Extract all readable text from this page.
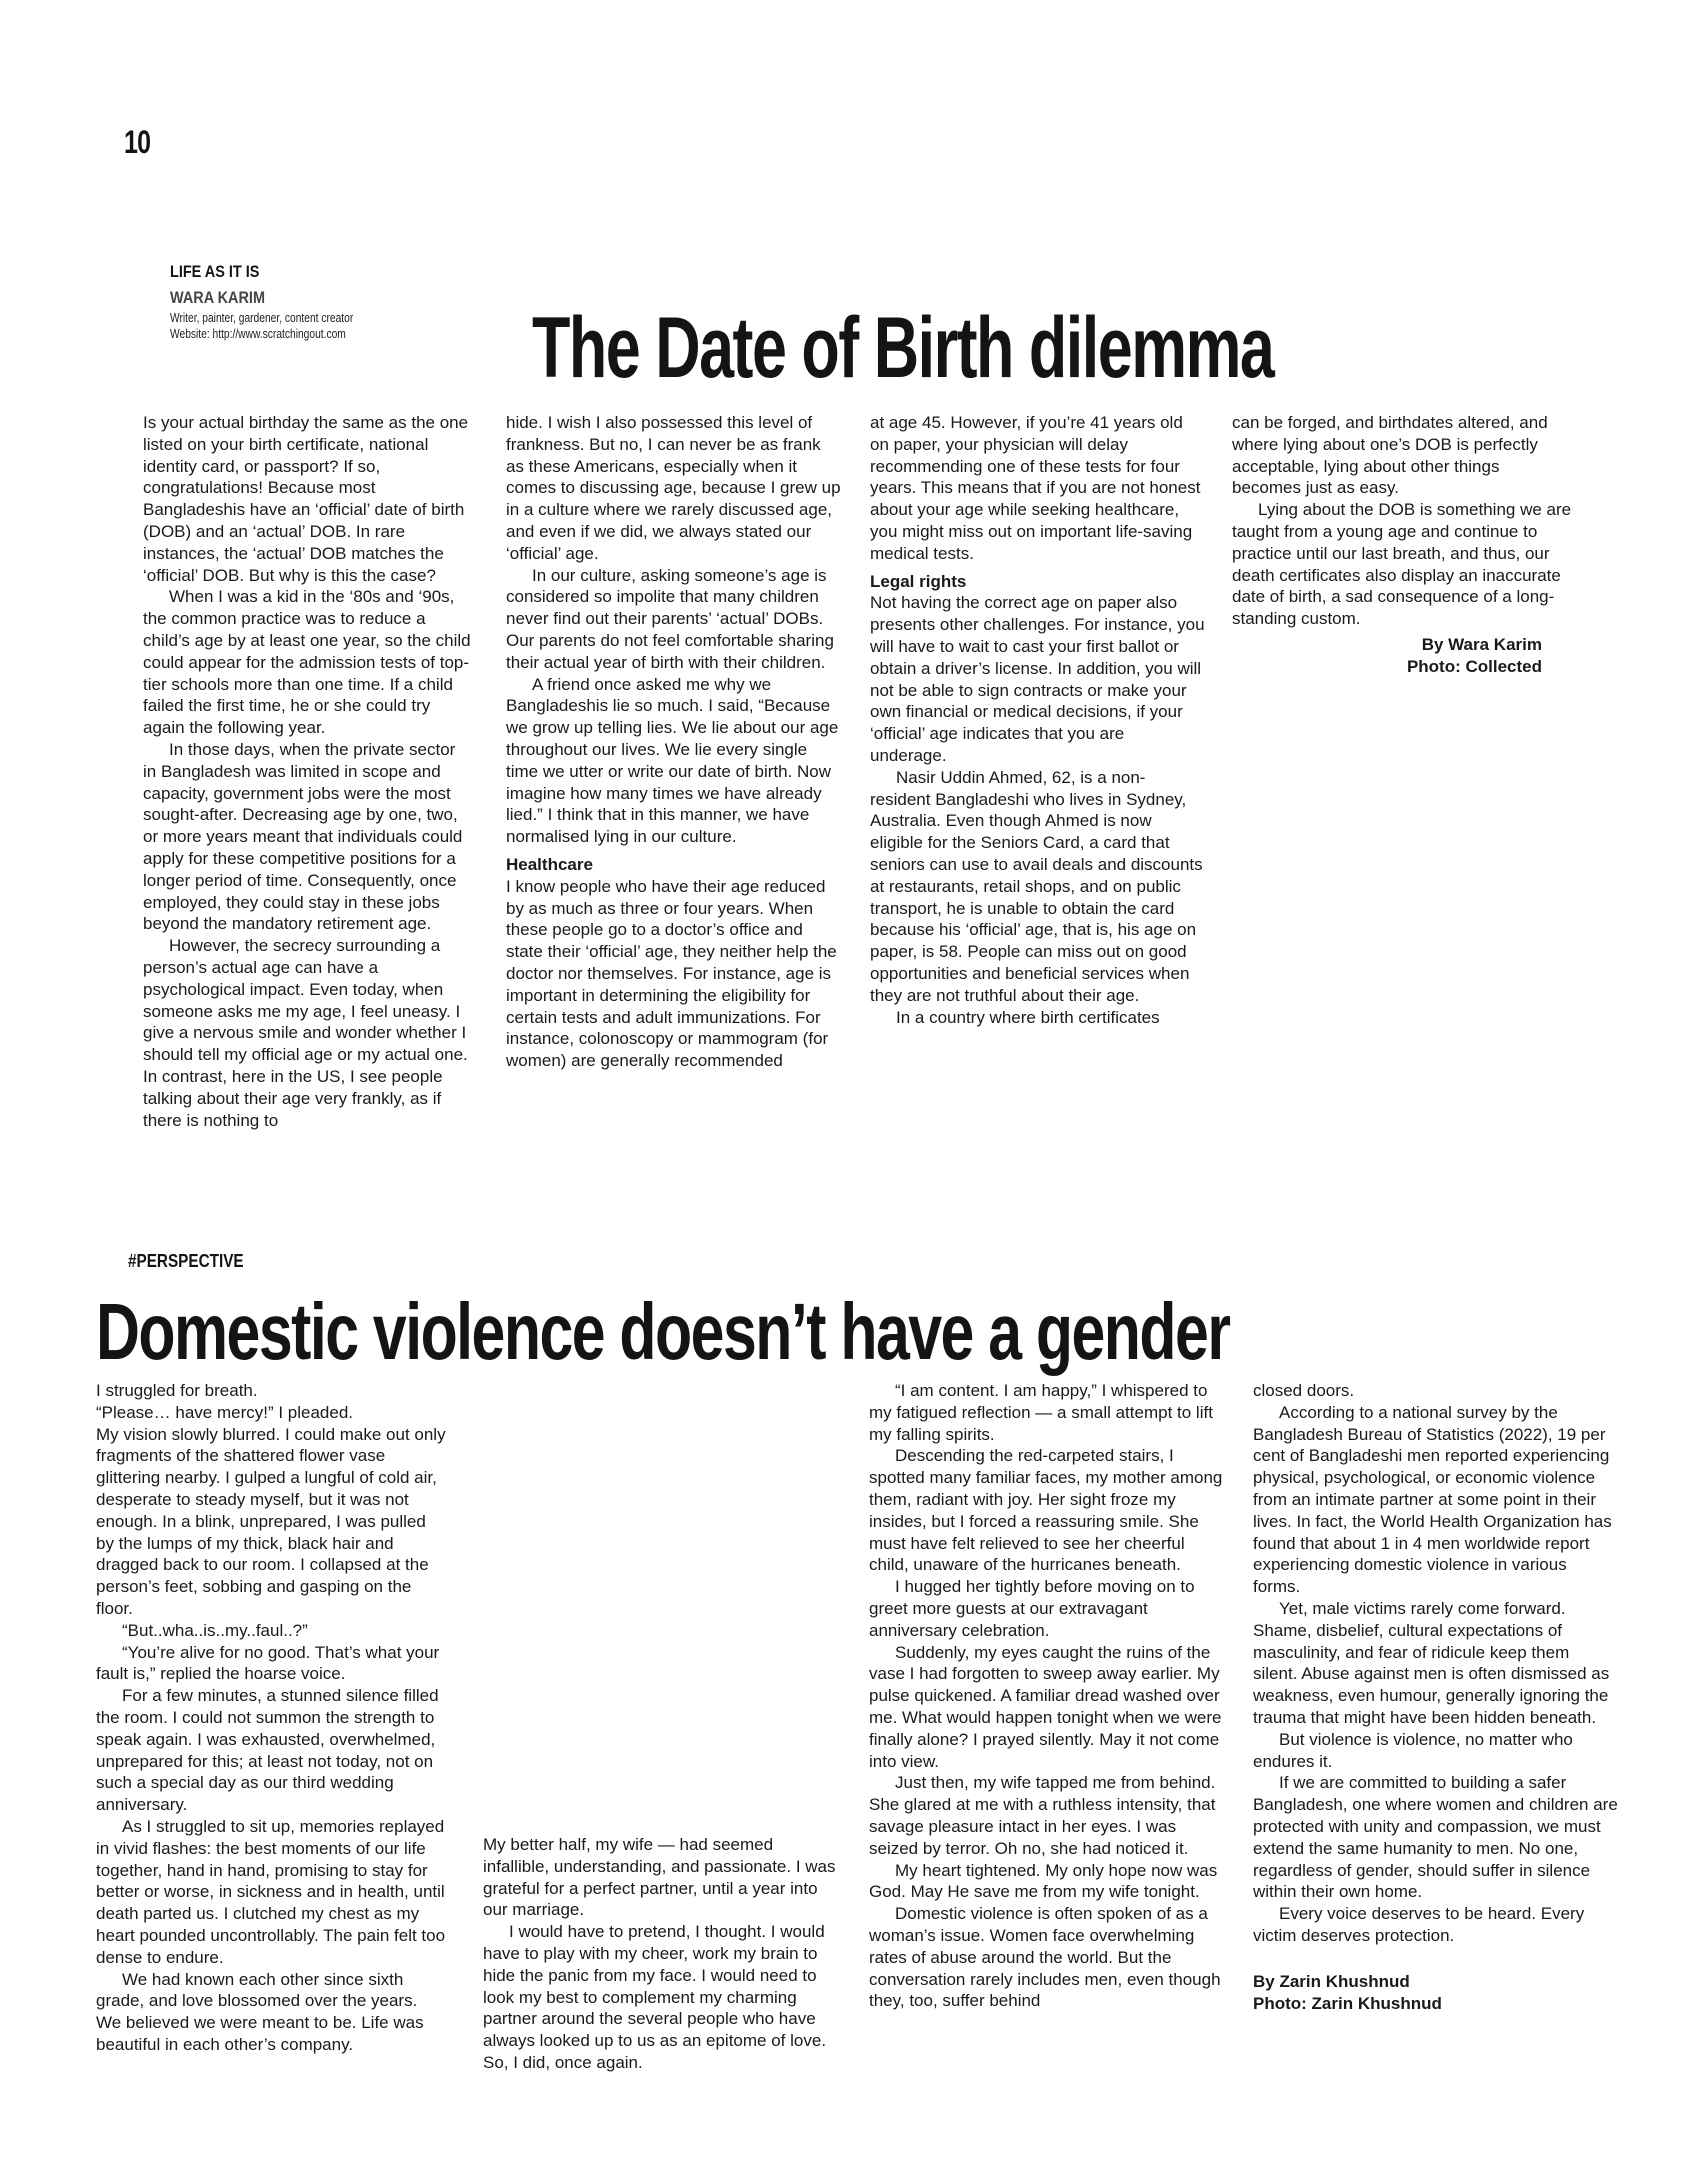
10
LIFE AS IT IS
WARA KARIM
Writer, painter, gardener, content creator
Website: http://www.scratchingout.com The Date of Birth dilemma

Is your actual birthday the same as the one listed on your birth certificate, national identity card, or passport? If so, congratulations! Because most Bangladeshis have an ‘official’ date of birth (DOB) and an ‘actual’ DOB. In rare instances, the ‘actual’ DOB matches the ‘official’ DOB. But why is this the case?

When I was a kid in the ‘80s and ‘90s, the common practice was to reduce a child’s age by at least one year, so the child could appear for the admission tests of top-tier schools more than one time. If a child failed the first time, he or she could try again the following year.

In those days, when the private sector in Bangladesh was limited in scope and capacity, government jobs were the most sought-after. Decreasing age by one, two, or more years meant that individuals could apply for these competitive positions for a longer period of time. Consequently, once employed, they could stay in these jobs beyond the mandatory retirement age.

However, the secrecy surrounding a person’s actual age can have a psychological impact. Even today, when someone asks me my age, I feel uneasy. I give a nervous smile and wonder whether I should tell my official age or my actual one. In contrast, here in the US, I see people talking about their age very frankly, as if there is nothing to

hide. I wish I also possessed this level of frankness. But no, I can never be as frank as these Americans, especially when it comes to discussing age, because I grew up in a culture where we rarely discussed age, and even if we did, we always stated our ‘official’ age.

In our culture, asking someone’s age is considered so impolite that many children never find out their parents’ ‘actual’ DOBs. Our parents do not feel comfortable sharing their actual year of birth with their children.

A friend once asked me why we Bangladeshis lie so much. I said, “Because we grow up telling lies. We lie about our age throughout our lives. We lie every single time we utter or write our date of birth. Now imagine how many times we have already lied.” I think that in this manner, we have normalised lying in our culture.

Healthcare

I know people who have their age reduced by as much as three or four years. When these people go to a doctor’s office and state their ‘official’ age, they neither help the doctor nor themselves. For instance, age is important in determining the eligibility for certain tests and adult immunizations. For instance, colonoscopy or mammogram (for women) are generally recommended

at age 45. However, if you’re 41 years old on paper, your physician will delay recommending one of these tests for four years. This means that if you are not honest about your age while seeking healthcare, you might miss out on important life-saving medical tests.

Legal rights

Not having the correct age on paper also presents other challenges. For instance, you will have to wait to cast your first ballot or obtain a driver’s license. In addition, you will not be able to sign contracts or make your own financial or medical decisions, if your ‘official’ age indicates that you are underage.

Nasir Uddin Ahmed, 62, is a non-resident Bangladeshi who lives in Sydney, Australia. Even though Ahmed is now eligible for the Seniors Card, a card that seniors can use to avail deals and discounts at restaurants, retail shops, and on public transport, he is unable to obtain the card because his ‘official’ age, that is, his age on paper, is 58. People can miss out on good opportunities and beneficial services when they are not truthful about their age.

In a country where birth certificates

can be forged, and birthdates altered, and where lying about one’s DOB is perfectly acceptable, lying about other things becomes just as easy.

Lying about the DOB is something we are taught from a young age and continue to practice until our last breath, and thus, our death certificates also display an inaccurate date of birth, a sad consequence of a long-standing custom.

By Wara Karim
Photo: Collected
#PERSPECTIVE
Domestic violence doesn’t have a gender

I struggled for breath.

“Please… have mercy!” I pleaded.

My vision slowly blurred. I could make out only fragments of the shattered flower vase glittering nearby. I gulped a lungful of cold air, desperate to steady myself, but it was not enough. In a blink, unprepared, I was pulled by the lumps of my thick, black hair and dragged back to our room. I collapsed at the person’s feet, sobbing and gasping on the floor.

“But..wha..is..my..faul..?”

“You’re alive for no good. That’s what your fault is,” replied the hoarse voice.

For a few minutes, a stunned silence filled the room. I could not summon the strength to speak again. I was exhausted, overwhelmed, unprepared for this; at least not today, not on such a special day as our third wedding anniversary.

As I struggled to sit up, memories replayed in vivid flashes: the best moments of our life together, hand in hand, promising to stay for better or worse, in sickness and in health, until death parted us. I clutched my chest as my heart pounded uncontrollably. The pain felt too dense to endure.

We had known each other since sixth grade, and love blossomed over the years. We believed we were meant to be. Life was beautiful in each other’s company.

My better half, my wife — had seemed infallible, understanding, and passionate. I was grateful for a perfect partner, until a year into our marriage.

I would have to pretend, I thought. I would have to play with my cheer, work my brain to hide the panic from my face. I would need to look my best to complement my charming partner around the several people who have always looked up to us as an epitome of love. So, I did, once again.

“I am content. I am happy,” I whispered to my fatigued reflection — a small attempt to lift my falling spirits.

Descending the red-carpeted stairs, I spotted many familiar faces, my mother among them, radiant with joy. Her sight froze my insides, but I forced a reassuring smile. She must have felt relieved to see her cheerful child, unaware of the hurricanes beneath.

I hugged her tightly before moving on to greet more guests at our extravagant anniversary celebration.

Suddenly, my eyes caught the ruins of the vase I had forgotten to sweep away earlier. My pulse quickened. A familiar dread washed over me. What would happen tonight when we were finally alone? I prayed silently. May it not come into view.

Just then, my wife tapped me from behind. She glared at me with a ruthless intensity, that savage pleasure intact in her eyes. I was seized by terror. Oh no, she had noticed it.

My heart tightened. My only hope now was God. May He save me from my wife tonight.

Domestic violence is often spoken of as a woman’s issue. Women face overwhelming rates of abuse around the world. But the conversation rarely includes men, even though they, too, suffer behind

closed doors.

According to a national survey by the Bangladesh Bureau of Statistics (2022), 19 per cent of Bangladeshi men reported experiencing physical, psychological, or economic violence from an intimate partner at some point in their lives. In fact, the World Health Organization has found that about 1 in 4 men worldwide report experiencing domestic violence in various forms.

Yet, male victims rarely come forward. Shame, disbelief, cultural expectations of masculinity, and fear of ridicule keep them silent. Abuse against men is often dismissed as weakness, even humour, generally ignoring the trauma that might have been hidden beneath.

But violence is violence, no matter who endures it.

If we are committed to building a safer Bangladesh, one where women and children are protected with unity and compassion, we must extend the same humanity to men. No one, regardless of gender, should suffer in silence within their own home.

Every voice deserves to be heard. Every victim deserves protection.

By Zarin Khushnud
Photo: Zarin Khushnud
